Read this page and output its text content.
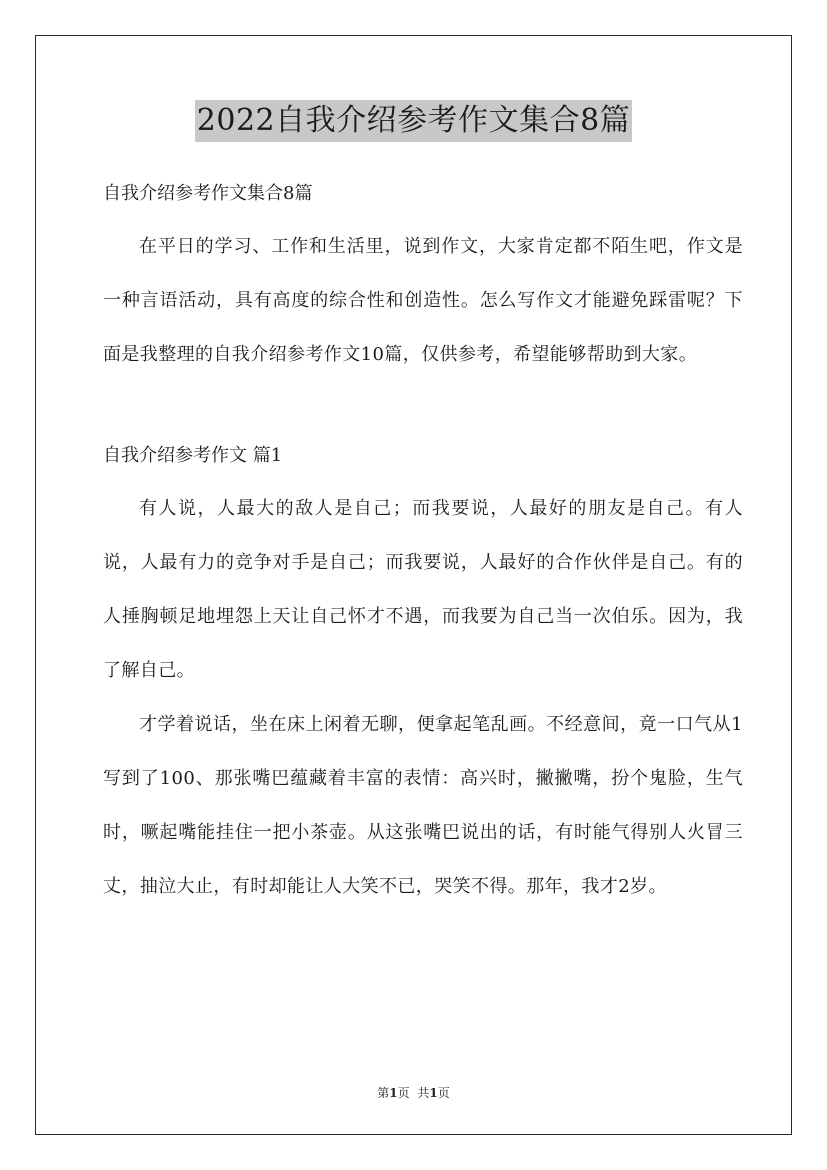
2022自我介绍参考作文集合8篇

自我介绍参考作文集合8篇

在平日的学习、工作和生活里，说到作文，大家肯定都不陌生吧，作文是一种言语活动，具有高度的综合性和创造性。怎么写作文才能避免踩雷呢？下面是我整理的自我介绍参考作文10篇，仅供参考，希望能够帮助到大家。

自我介绍参考作文 篇1

有人说，人最大的敌人是自己；而我要说，人最好的朋友是自己。有人说，人最有力的竞争对手是自己；而我要说，人最好的合作伙伴是自己。有的人捶胸顿足地埋怨上天让自己怀才不遇，而我要为自己当一次伯乐。因为，我了解自己。

才学着说话，坐在床上闲着无聊，便拿起笔乱画。不经意间，竟一口气从1写到了100、那张嘴巴蕴藏着丰富的表情：高兴时，撇撇嘴，扮个鬼脸，生气时，噘起嘴能挂住一把小茶壶。从这张嘴巴说出的话，有时能气得别人火冒三丈，抽泣大止，有时却能让人大笑不已，哭笑不得。那年，我才2岁。

第1页 共1页
